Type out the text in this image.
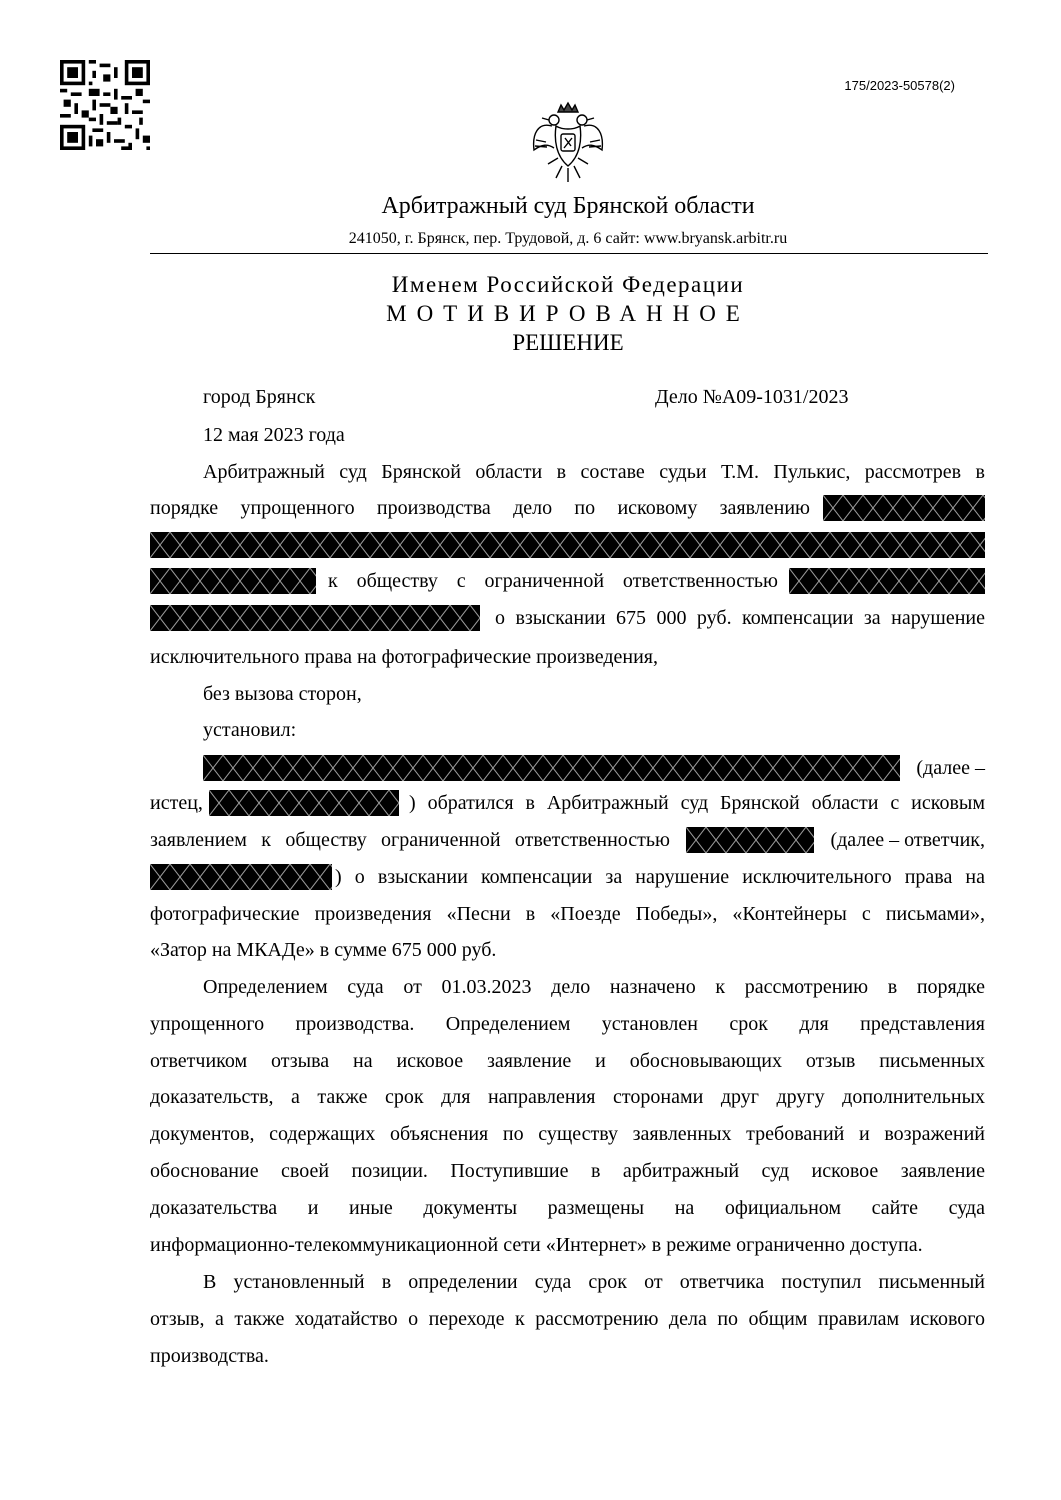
175/2023-50578(2)
Арбитражный суд Брянской области
241050, г. Брянск, пер. Трудовой, д. 6 сайт: www.bryansk.arbitr.ru
Именем Российской Федерации
МОТИВИРОВАННОЕ
РЕШЕНИЕ
город Брянск	Дело №А09-1031/2023
12 мая 2023 года
Арбитражный суд Брянской области в составе судьи Т.М. Пулькис, рассмотрев в
порядке упрощенного производства дело по исковому заявлению
к обществу с ограниченной ответственностью
о взыскании 675 000 руб. компенсации за нарушение
исключительного права на фотографические произведения,
без вызова сторон,
установил:
(далее –
истец,	) обратился в Арбитражный суд Брянской области с исковым
заявлением к обществу ограниченной ответственностью	(далее – ответчик,
) о взыскании компенсации за нарушение исключительного права на
фотографические произведения «Песни в «Поезде Победы», «Контейнеры с письмами»,
«Затор на МКАДе» в сумме 675 000 руб.
Определением суда от 01.03.2023 дело назначено к рассмотрению в порядке
упрощенного производства. Определением установлен срок для представления
ответчиком отзыва на исковое заявление и обосновывающих отзыв письменных
доказательств, а также срок для направления сторонами друг другу дополнительных
документов, содержащих объяснения по существу заявленных требований и возражений
обоснование своей позиции. Поступившие в арбитражный суд исковое заявление
доказательства и иные документы размещены на официальном сайте суда
информационно-телекоммуникационной сети «Интернет» в режиме ограниченно доступа.
В установленный в определении суда срок от ответчика поступил письменный
отзыв, а также ходатайство о переходе к рассмотрению дела по общим правилам искового
производства.
